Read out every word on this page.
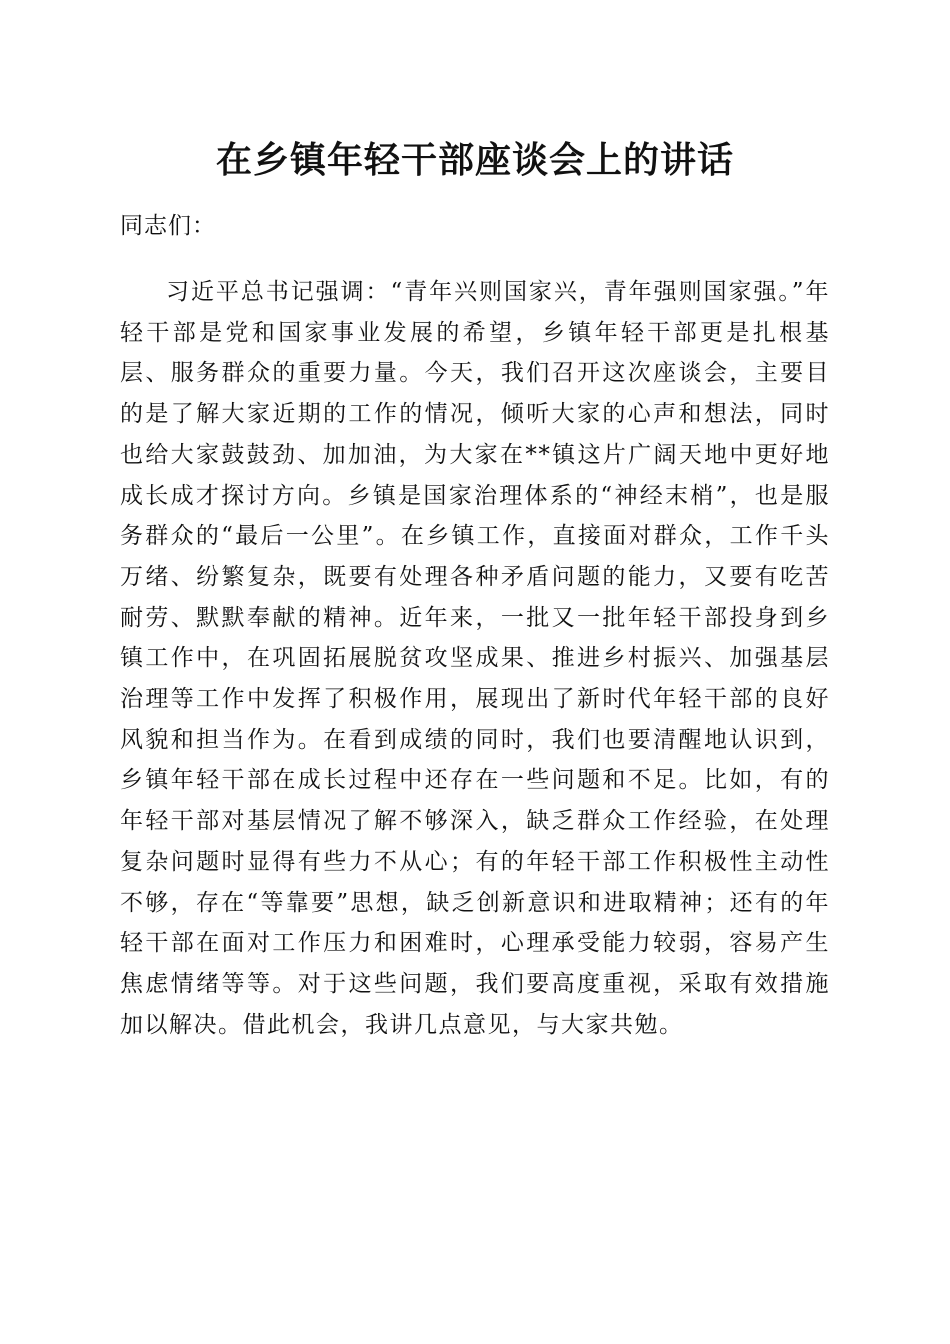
在乡镇年轻干部座谈会上的讲话

同志们：

习近平总书记强调：“青年兴则国家兴，青年强则国家强。”年轻干部是党和国家事业发展的希望，乡镇年轻干部更是扎根基层、服务群众的重要力量。今天，我们召开这次座谈会，主要目的是了解大家近期的工作的情况，倾听大家的心声和想法，同时也给大家鼓鼓劲、加加油，为大家在**镇这片广阔天地中更好地成长成才探讨方向。乡镇是国家治理体系的“神经末梢”，也是服务群众的“最后一公里”。在乡镇工作，直接面对群众，工作千头万绪、纷繁复杂，既要有处理各种矛盾问题的能力，又要有吃苦耐劳、默默奉献的精神。近年来，一批又一批年轻干部投身到乡镇工作中，在巩固拓展脱贫攻坚成果、推进乡村振兴、加强基层治理等工作中发挥了积极作用，展现出了新时代年轻干部的良好风貌和担当作为。在看到成绩的同时，我们也要清醒地认识到，乡镇年轻干部在成长过程中还存在一些问题和不足。比如，有的年轻干部对基层情况了解不够深入，缺乏群众工作经验，在处理复杂问题时显得有些力不从心；有的年轻干部工作积极性主动性不够，存在“等靠要”思想，缺乏创新意识和进取精神；还有的年轻干部在面对工作压力和困难时，心理承受能力较弱，容易产生焦虑情绪等等。对于这些问题，我们要高度重视，采取有效措施加以解决。借此机会，我讲几点意见，与大家共勉。
